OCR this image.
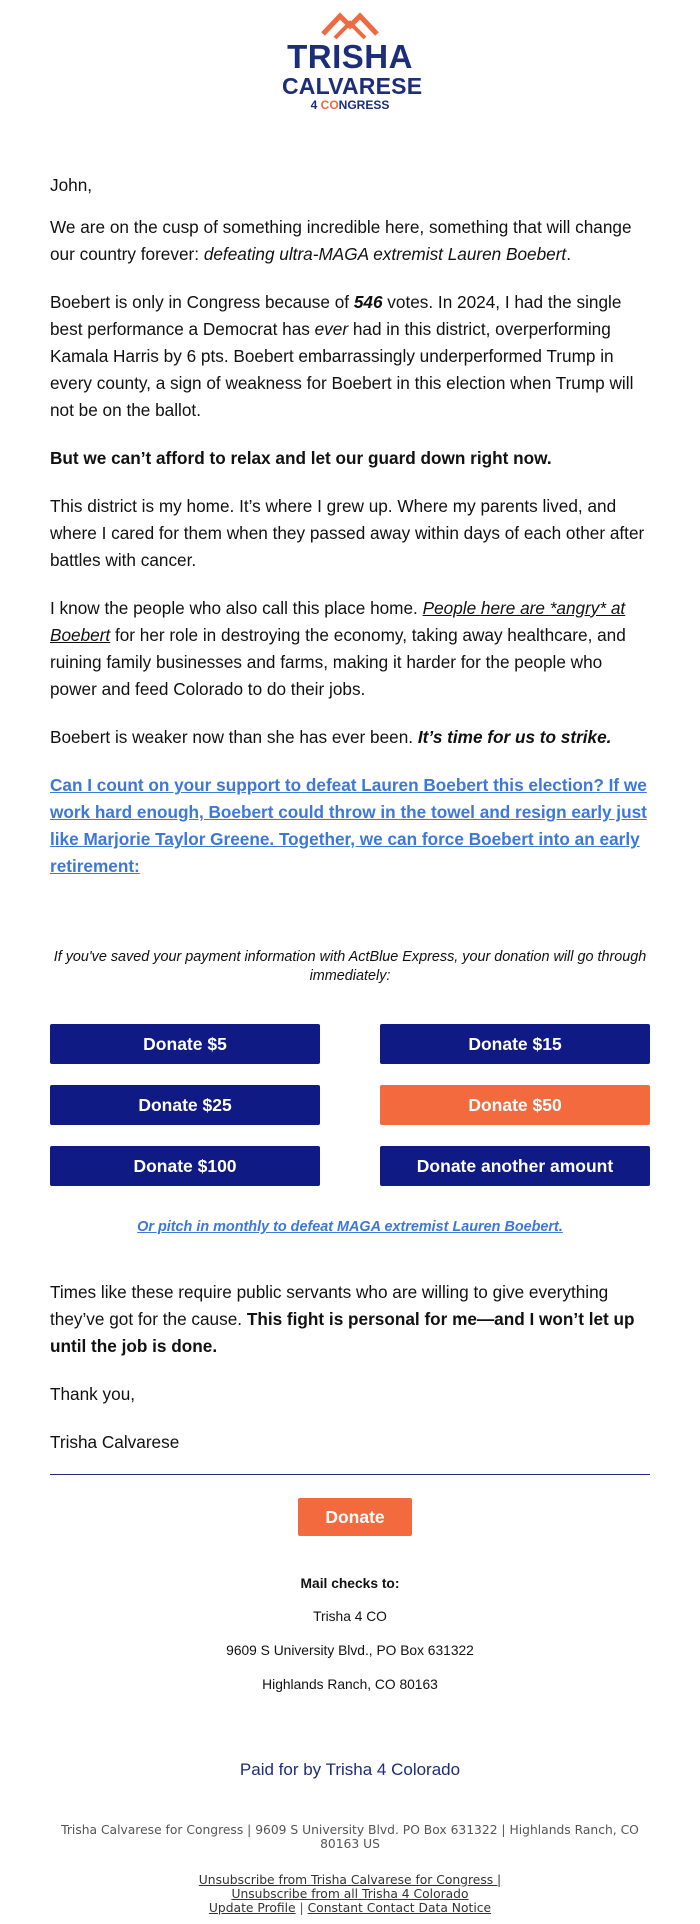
TRISHA
CALVARESE
4 CONGRESS

John,

We are on the cusp of something incredible here, something that will change our country forever: defeating ultra-MAGA extremist Lauren Boebert.

Boebert is only in Congress because of 546 votes. In 2024, I had the single best performance a Democrat has ever had in this district, overperforming Kamala Harris by 6 pts. Boebert embarrassingly underperformed Trump in every county, a sign of weakness for Boebert in this election when Trump will not be on the ballot.

But we can’t afford to relax and let our guard down right now.

This district is my home. It’s where I grew up. Where my parents lived, and where I cared for them when they passed away within days of each other after battles with cancer.

I know the people who also call this place home. People here are *angry* at Boebert for her role in destroying the economy, taking away healthcare, and ruining family businesses and farms, making it harder for the people who power and feed Colorado to do their jobs.

Boebert is weaker now than she has ever been. It’s time for us to strike.

Can I count on your support to defeat Lauren Boebert this election? If we work hard enough, Boebert could throw in the towel and resign early just like Marjorie Taylor Greene. Together, we can force Boebert into an early retirement:
If you've saved your payment information with ActBlue Express, your donation will go through immediately:
Donate $5	Donate $15
Donate $25	Donate $50
Donate $100	Donate another amount
Or pitch in monthly to defeat MAGA extremist Lauren Boebert.

Times like these require public servants who are willing to give everything they’ve got for the cause. This fight is personal for me—and I won’t let up until the job is done.

Thank you,

Trisha Calvarese

Donate
Mail checks to:
Trisha 4 CO
9609 S University Blvd., PO Box 631322
Highlands Ranch, CO 80163
Paid for by Trisha 4 Colorado
Trisha Calvarese for Congress | 9609 S University Blvd. PO Box 631322 | Highlands Ranch, CO 80163 US
Unsubscribe from Trisha Calvarese for Congress |
Unsubscribe from all Trisha 4 Colorado
Update Profile | Constant Contact Data Notice
